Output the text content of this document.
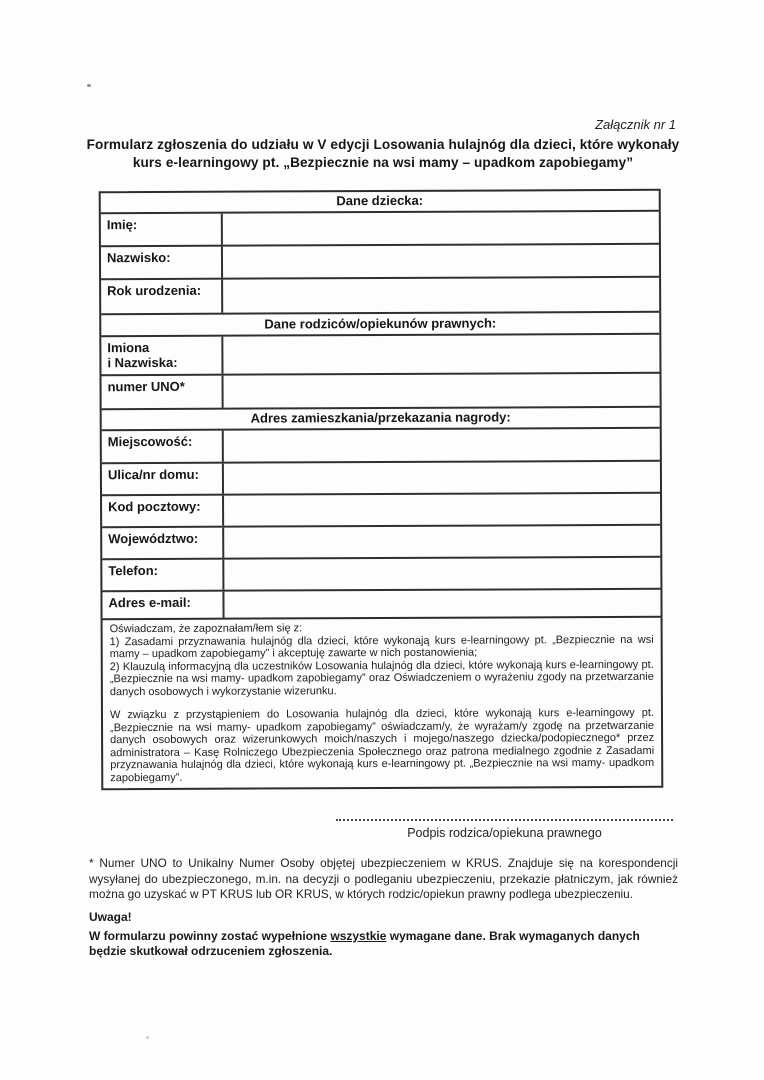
Załącznik nr 1
Formularz zgłoszenia do udziału w V edycji Losowania hulajnóg dla dzieci, które wykonały kurs e-learningowy pt. „Bezpiecznie na wsi mamy – upadkom zapobiegamy”
Dane dziecka:
Imię:
Nazwisko:
Rok urodzenia:
Dane rodziców/opiekunów prawnych:
Imiona
i Nazwiska:
numer UNO*
Adres zamieszkania/przekazania nagrody:
Miejscowość:
Ulica/nr domu:
Kod pocztowy:
Województwo:
Telefon:
Adres e-mail:

Oświadczam, że zapoznałam/łem się z:

1) Zasadami przyznawania hulajnóg dla dzieci, które wykonają kurs e-learningowy pt. „Bezpiecznie na wsi mamy – upadkom zapobiegamy” i akceptuję zawarte w nich postanowienia;

2) Klauzulą informacyjną dla uczestników Losowania hulajnóg dla dzieci, które wykonają kurs e-learningowy pt. „Bezpiecznie na wsi mamy- upadkom zapobiegamy” oraz Oświadczeniem o wyrażeniu zgody na przetwarzanie danych osobowych i wykorzystanie wizerunku.

W związku z przystąpieniem do Losowania hulajnóg dla dzieci, które wykonają kurs e-learningowy pt. „Bezpiecznie na wsi mamy- upadkom zapobiegamy” oświadczam/y, że wyrażam/y zgodę na przetwarzanie danych osobowych oraz wizerunkowych moich/naszych i mojego/naszego dziecka/podopiecznego* przez administratora – Kasę Rolniczego Ubezpieczenia Społecznego oraz patrona medialnego zgodnie z Zasadami przyznawania hulajnóg dla dzieci, które wykonają kurs e-learningowy pt. „Bezpiecznie na wsi mamy- upadkom zapobiegamy”.

Podpis rodzica/opiekuna prawnego
* Numer UNO to Unikalny Numer Osoby objętej ubezpieczeniem w KRUS. Znajduje się na korespondencji wysyłanej do ubezpieczonego, m.in. na decyzji o podleganiu ubezpieczeniu, przekazie płatniczym, jak również można go uzyskać w PT KRUS lub OR KRUS, w których rodzic/opiekun prawny podlega ubezpieczeniu.

Uwaga!

W formularzu powinny zostać wypełnione wszystkie wymagane dane. Brak wymaganych danych będzie skutkował odrzuceniem zgłoszenia.
